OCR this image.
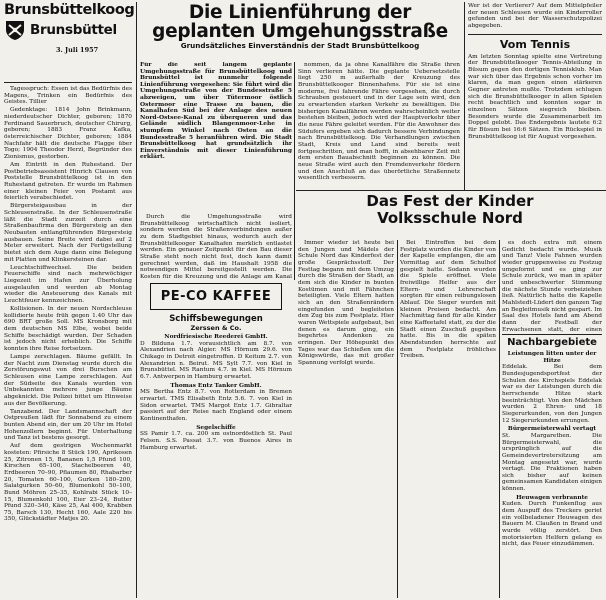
Brunsbüttelkoog
Brunsbüttel
3. Juli 1957

Tagesspruch: Essen ist das Bedürfnis des Magens, Trinken ein Bedürfnis des Geistes. Tillier

Gedenktage: 1814 John Brinkmann, niederdeutscher Dichter, geboren; 1870 Ferdinand Sauerbruch, deutscher Chirurg, geboren; 1883 Franz Kafka, österreichischer Dichter, geboren; 1884 Nachfahr hält die deutsche Flagge über Togo; 1904 Theodor Herzl, Begründer des Zionismus, gestorben.

Am Eintritt in den Ruhestand. Der Postbetriebsassistent Hinrich Clausen von Poststelle Brunsbüttelkoog ist in den Ruhestand getreten. Er wurde im Rahmen einer kleinen Feier von Postamt aus feierlich verabschiedet.

Bürgersteigausbau in der Schleusenstraße. In der Schleusenstraße läßt die Stadt zurzeit durch eine Straßenbaufirma den Bürgersteig an den Neubauten entlangführenden Bürgersteig ausbauen. Seine Breite wird dabei auf 2 Meter erweitert. Nach der Fertigstellung bietet sich dem Auge dann eine Belegung mit Platten und Klinkersteinen dar.

Leuchtschiffwechsel. Die beiden Feuerschiffe sind nach mehrwöchiger Liegezeit im Hafen zur Überholung ausgelaufen und werden ab Montag wieder die Ansteuerung des Kanals mit Leuchtfeuer kennzeichnen.

Kollisionen. In der neuen Nordschleuse kollidierte heute früh gegen 1.40 Uhr das 690 BRT große Soll. MS Kronsborg mit dem deutschen MS Elbe, wobei beide Schiffe beschädigt wurden. Der Schaden ist jedoch nicht erheblich. Die Schiffe konnten ihre Reise fortsetzen.

Lampe zerschlagen. Bäume gefällt. In der Nacht zum Dienstag wurde durch die Zerstörungswut von drei Burschen am Schleusen eine Lampe zerschlagen. Auf der Südseite des Kanals wurden von Unbekannten mehrere junge Bäume abgeknickt. Die Polizei bittet um Hinweise aus der Bevölkerung.

Tanzabend. Der Landsmannschaft der Ostpreußen lädt für Sonnabend zu einem bunten Abend ein, der um 20 Uhr im Hotel Hohenzollern beginnt. Für Unterhaltung und Tanz ist bestens gesorgt.

Auf dem gestrigen Wochenmarkt kosteten: Pfirsiche 8 Stück 190, Aprikosen 25, Zitronen 15, Bananen 1,5 Pfund 100, Kirschen 65–100, Stachelbeeren 40, Erdbeeren 70–90, Pflaumen 80, Rhabarber 20, Tomaten 60–100, Gurken 180–200, Salatgurken 50–60, Blumenkohl 50–100, Bund Möhren 25–35, Kohlrabi Stück 10–15, Blumenkohl 100, Eier 23–24, Butter Pfund 320–340, Käse 25, Aal 400, Krabben 75, Barsch 130, Hecht 160, Aale 220 bis 350, Glückstädter Matjes 20.

Die Linienführung der geplanten Umgehungsstraße
Grundsätzliches Einverständnis der Stadt Brunsbüttelkoog
Für die seit langem geplante Umgehungsstraße für Brunsbüttelkoog und Brunsbüttel ist nunmehr folgende Linienführung vorgesehen: Sie führt wird die Umgehungsstraße von der Bundesstraße 5 abzweigen, um über Tütermoor östlich Ostermoor eine Trasse zu bauen, die Kanalhafen Süd bei der Anlage des neuen Nord-Ostsee-Kanal zu überqueren und das Gelände südlich Blangenmoor-Lehe in stumpfem Winkel nach Osten an die Bundesstraße 5 heranführen wird. Die Stadt Brunsbüttelkoog hat grundsätzlich ihr Einverständnis mit dieser Linienführung erklärt.

Durch die Umgehungsstraße wird Brunsbüttelkoog wirtschaftlich nicht isoliert, sondern werden die Straßenverbindungen außer zu dem Stadtgebiet hinaus, wodurch auch der Brunsbüttelkooger Kanalhafen merklich entlastet werden. Ein genauer Zeitpunkt für den Bau dieser Straße steht noch nicht fest, doch kann damit gerechnet werden, daß im Haushalt 1958 die notwendigen Mittel bereitgestellt werden. Die Kosten für die Kreuzung und die Anlage am Kanal

nommen, da ja ohne Kanalfähre die Straße ihren Sinn verlieren hätte. Die geplante Uebersetzstelle liegt 250 m außerhalb der Kreuzung des Brunsbüttelkooger Binnenhafens. Für sie ist eine moderne, frei fahrende Fähre vorgesehen, die durch Schrauben gesteuert und in der Lage sein wird, den zu erwartenden starken Verkehr zu bewältigen. Die bisherigen Kanalfähren werden wahrscheinlich weiter bestehen bleiben, jedoch wird der Hauptverkehr über die neue Fähre geleitet werden. Für die Anwohner des Südufers ergeben sich dadurch bessere Verbindungen nach Brunsbüttelkoog. Die Verhandlungen zwischen Stadt, Kreis und Land sind bereits weit fortgeschritten, und man hofft, in absehbarer Zeit mit dem ersten Bauabschnitt beginnen zu können. Die neue Straße wird auch den Fremdenverkehr fördern und den Anschluß an das überörtliche Straßennetz wesentlich verbessern.

PE-CO KAFFEE
Schiffsbewegungen
Zerssen & Co.
Nordfriesische Reederei GmbH.
D Bilduna 1.7. vorausichtlich am 8.7. von Alexandrien nach Algier. MS Hörnum 29.6. von Chikago in Detroit eingetroffen. D Keitum 2.7. von Alexandrien n. Beirut. MS Sylt 7.7. von Kiel in Brunsbüttel. MS Rantum 4.7. in Kiel. MS Hörnum 6.7. Antwerpen in Hamburg erwartet.
Thomas Entz Tanker GmbH.
MS Bertha Entz 8.7. von Rotterdam in Bremen erwartet. TMS Elisabeth Entz 5.6. 7. von Kiel in Sidon erwartet. TMS Margot Entz 1.7. Gibraltar passiert auf der Reise nach England oder einem Kontinenthafen.
Segelschiffe
SS Pamir 1.7. ca. 200 sm ostnordöstlich St. Paul Felsen. S.S. Passat 3.7. von Buenos Aires in Hamburg erwartet.
Wer ist der Verlierer? Auf dem Mittelpfeiler der neuen Schleusen wurde ein Kinderroller gefunden und bei der Wasserschutzpolizei abgegeben.
Vom Tennis
Am letzten Sonntag spielte eine Vertretung der Brunsbüttelkooger Tennis-Abteilung in Büsum gegen den dortigen Tennisklub. Man war sich über das Ergebnis schon vorher im klaren, da man gegen einen stärkeren Gegner antreten mußte. Trotzdem schlugen sich die Brunsbüttelkooger in allen Spielen recht beachtlich und konnten sogar in einzelnen Sätzen siegreich bleiben. Besonders wurde die Zusammenarbeit im Doppel gelobt. Das Endergebnis lautete 6:2 für Büsum bei 16:6 Sätzen. Ein Rückspiel in Brunsbüttelkoog ist für August vorgesehen.
Das Fest der Kinder Volksschule Nord

Immer wieder ist heute bei den Jungen und Mädels der Schule Nord das Kinderfest der große Gesprächsstoff. Der Festtag begann mit dem Umzug durch die Straßen der Stadt, an dem sich die Kinder in bunten Kostümen und mit Fähnchen beteiligten. Viele Eltern hatten sich an den Straßenrändern eingefunden und begleiteten den Zug bis zum Festplatz. Hier waren Wettspiele aufgebaut, bei denen es darum ging, ein begehrtes Andenken zu erringen. Der Höhepunkt des Tages war das Schießen um die Königswürde, das mit großer Spannung verfolgt wurde.

Bei Eintreffen bei dem Festplatz wurden die Kinder von der Kapelle empfangen, die am Vormittag auf dem Schulhof gespielt hatte. Sodann wurden die Spiele eröffnet. Viele freiwillige Helfer aus der Eltern- und Lehrerschaft sorgten für einen reibungslosen Ablauf. Die Sieger wurden mit kleinen Preisen bedacht. Am Nachmittag fand für alle Kinder eine Kaffeetafel statt, zu der die Stadt einen Zuschuß gegeben hatte. Bis in die späten Abendstunden herrschte auf dem Festplatz fröhliches Treiben.

es doch extra mit einem Gedicht bedacht wurde. Musik und Tanz! Viele Fahnen wurden wieder gruppenweise zu Festzug umgeformt und es ging zur Schule zurück, wo man in später und unbeschwerter Stimmung die nächste Stunde vorbeiziehen ließ. Natürlich hatte die Kapelle Mahlstedt-Lüdert den ganzen Tag an Begleitmusik nicht gespart. Im Saal des Hotels fand am Abend dann der Festball der Erwachsenen statt, der einen

Nachbargebiete
Leistungen litten unter der Hitze
Eddelak. Bei dem Bundesjugendsportfest der Schulen des Kirchspiels Eddelak war es der Leistungen durch die herrschende Hitze stark beeinträchtigt. Von den Mädchen wurden 2 Ehren- und 18 Siegerurkunden, von den Jungen 12 Siegerurkunden errungen.
Bürgermeisterwahl vertagt
St. Margarethen. Die Bürgermeisterwahl, die ursprünglich auf die Gemeindevertretersitzung am Montag angesetzt war, wurde vertagt. Die Fraktionen haben sich bisher auf keinen gemeinsamen Kandidaten einigen können.
Heuwagen verbrannte
Kuden. Durch Funkenflug aus dem Auspuff des Treckers geriet ein vollbeladener Heuwagen des Bauern M. Claußen in Brand und wurde völlig zerstört. Den motorisierten Helfern gelang es nicht, das Feuer einzudämmen.
